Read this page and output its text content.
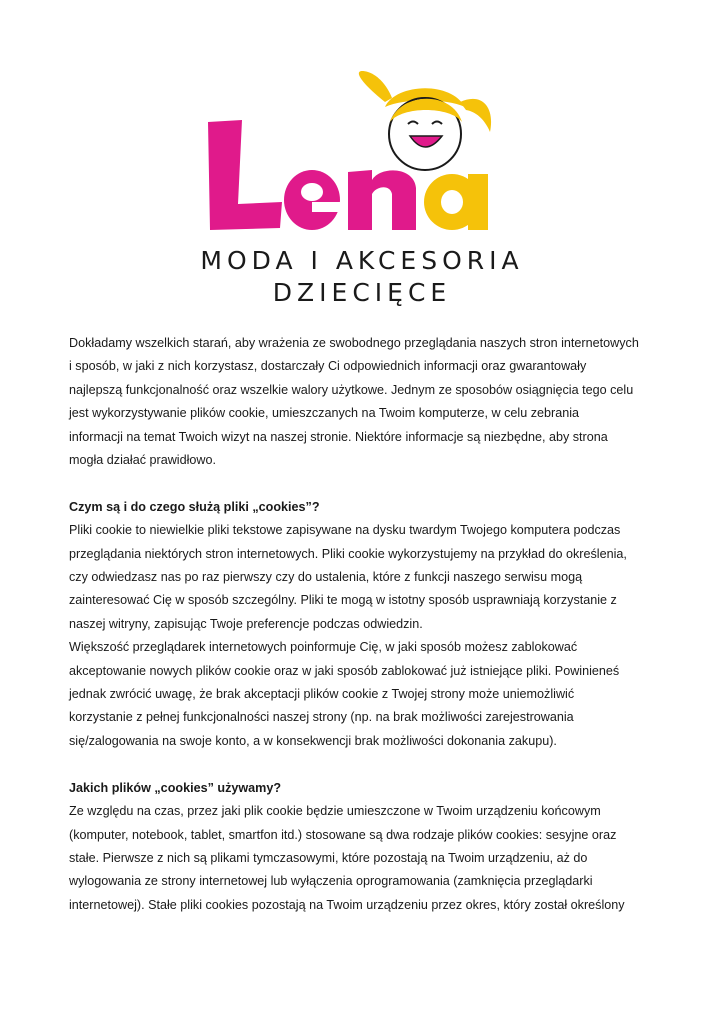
MODA I AKCESORIA
DZIECIĘCE

Dokładamy wszelkich starań, aby wrażenia ze swobodnego przeglądania naszych stron internetowych

i sposób, w jaki z nich korzystasz, dostarczały Ci odpowiednich informacji oraz gwarantowały

najlepszą funkcjonalność oraz wszelkie walory użytkowe. Jednym ze sposobów osiągnięcia tego celu

jest wykorzystywanie plików cookie, umieszczanych na Twoim komputerze, w celu zebrania

informacji na temat Twoich wizyt na naszej stronie. Niektóre informacje są niezbędne, aby strona

mogła działać prawidłowo.

Czym są i do czego służą pliki „cookies”?

Pliki cookie to niewielkie pliki tekstowe zapisywane na dysku twardym Twojego komputera podczas

przeglądania niektórych stron internetowych. Pliki cookie wykorzystujemy na przykład do określenia,

czy odwiedzasz nas po raz pierwszy czy do ustalenia, które z funkcji naszego serwisu mogą

zainteresować Cię w sposób szczególny. Pliki te mogą w istotny sposób usprawniają korzystanie z

naszej witryny, zapisując Twoje preferencje podczas odwiedzin.

Większość przeglądarek internetowych poinformuje Cię, w jaki sposób możesz zablokować

akceptowanie nowych plików cookie oraz w jaki sposób zablokować już istniejące pliki. Powinieneś

jednak zwrócić uwagę, że brak akceptacji plików cookie z Twojej strony może uniemożliwić

korzystanie z pełnej funkcjonalności naszej strony (np. na brak możliwości zarejestrowania

się/zalogowania na swoje konto, a w konsekwencji brak możliwości dokonania zakupu).

Jakich plików „cookies” używamy?

Ze względu na czas, przez jaki plik cookie będzie umieszczone w Twoim urządzeniu końcowym

(komputer, notebook, tablet, smartfon itd.) stosowane są dwa rodzaje plików cookies: sesyjne oraz

stałe. Pierwsze z nich są plikami tymczasowymi, które pozostają na Twoim urządzeniu, aż do

wylogowania ze strony internetowej lub wyłączenia oprogramowania (zamknięcia przeglądarki

internetowej). Stałe pliki cookies pozostają na Twoim urządzeniu przez okres, który został określony
